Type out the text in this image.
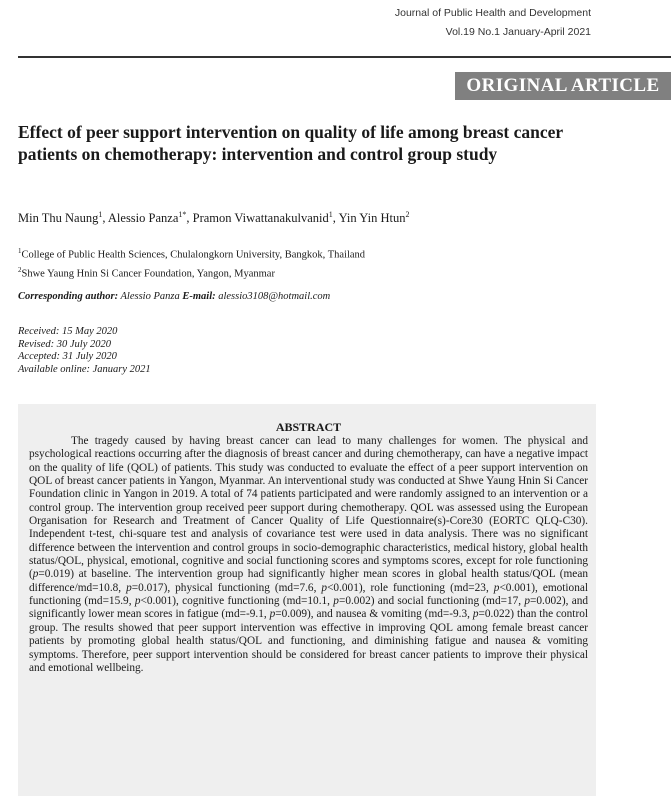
Journal of Public Health and Development
Vol.19 No.1 January-April 2021
ORIGINAL ARTICLE
Effect of peer support intervention on quality of life among breast cancer patients on chemotherapy: intervention and control group study
Min Thu Naung$^1$, Alessio Panza$^{1*}$, Pramon Viwattanakulvanid$^1$, Yin Yin Htun$^2$
$^1$College of Public Health Sciences, Chulalongkorn University, Bangkok, Thailand
$^2$Shwe Yaung Hnin Si Cancer Foundation, Yangon, Myanmar
Corresponding author: Alessio Panza E-mail: alessio3108@hotmail.com
Received: 15 May 2020
Revised: 30 July 2020
Accepted: 31 July 2020
Available online: January 2021
ABSTRACT

The tragedy caused by having breast cancer can lead to many challenges for women. The physical and psychological reactions occurring after the diagnosis of breast cancer and during chemotherapy, can have a negative impact on the quality of life (QOL) of patients. This study was conducted to evaluate the effect of a peer support intervention on QOL of breast cancer patients in Yangon, Myanmar. An interventional study was conducted at Shwe Yaung Hnin Si Cancer Foundation clinic in Yangon in 2019. A total of 74 patients participated and were randomly assigned to an intervention or a control group. The intervention group received peer support during chemotherapy. QOL was assessed using the European Organisation for Research and Treatment of Cancer Quality of Life Questionnaire(s)-Core30 (EORTC QLQ-C30). Independent t-test, chi-square test and analysis of covariance test were used in data analysis. There was no significant difference between the intervention and control groups in socio-demographic characteristics, medical history, global health status/QOL, physical, emotional, cognitive and social functioning scores and symptoms scores, except for role functioning (p=0.019) at baseline. The intervention group had significantly higher mean scores in global health status/QOL (mean difference/md=10.8, p=0.017), physical functioning (md=7.6, p<0.001), role functioning (md=23, p<0.001), emotional functioning (md=15.9, p<0.001), cognitive functioning (md=10.1, p=0.002) and social functioning (md=17, p=0.002), and significantly lower mean scores in fatigue (md=-9.1, p=0.009), and nausea & vomiting (md=-9.3, p=0.022) than the control group. The results showed that peer support intervention was effective in improving QOL among female breast cancer patients by promoting global health status/QOL and functioning, and diminishing fatigue and nausea & vomiting symptoms. Therefore, peer support intervention should be considered for breast cancer patients to improve their physical and emotional wellbeing.
